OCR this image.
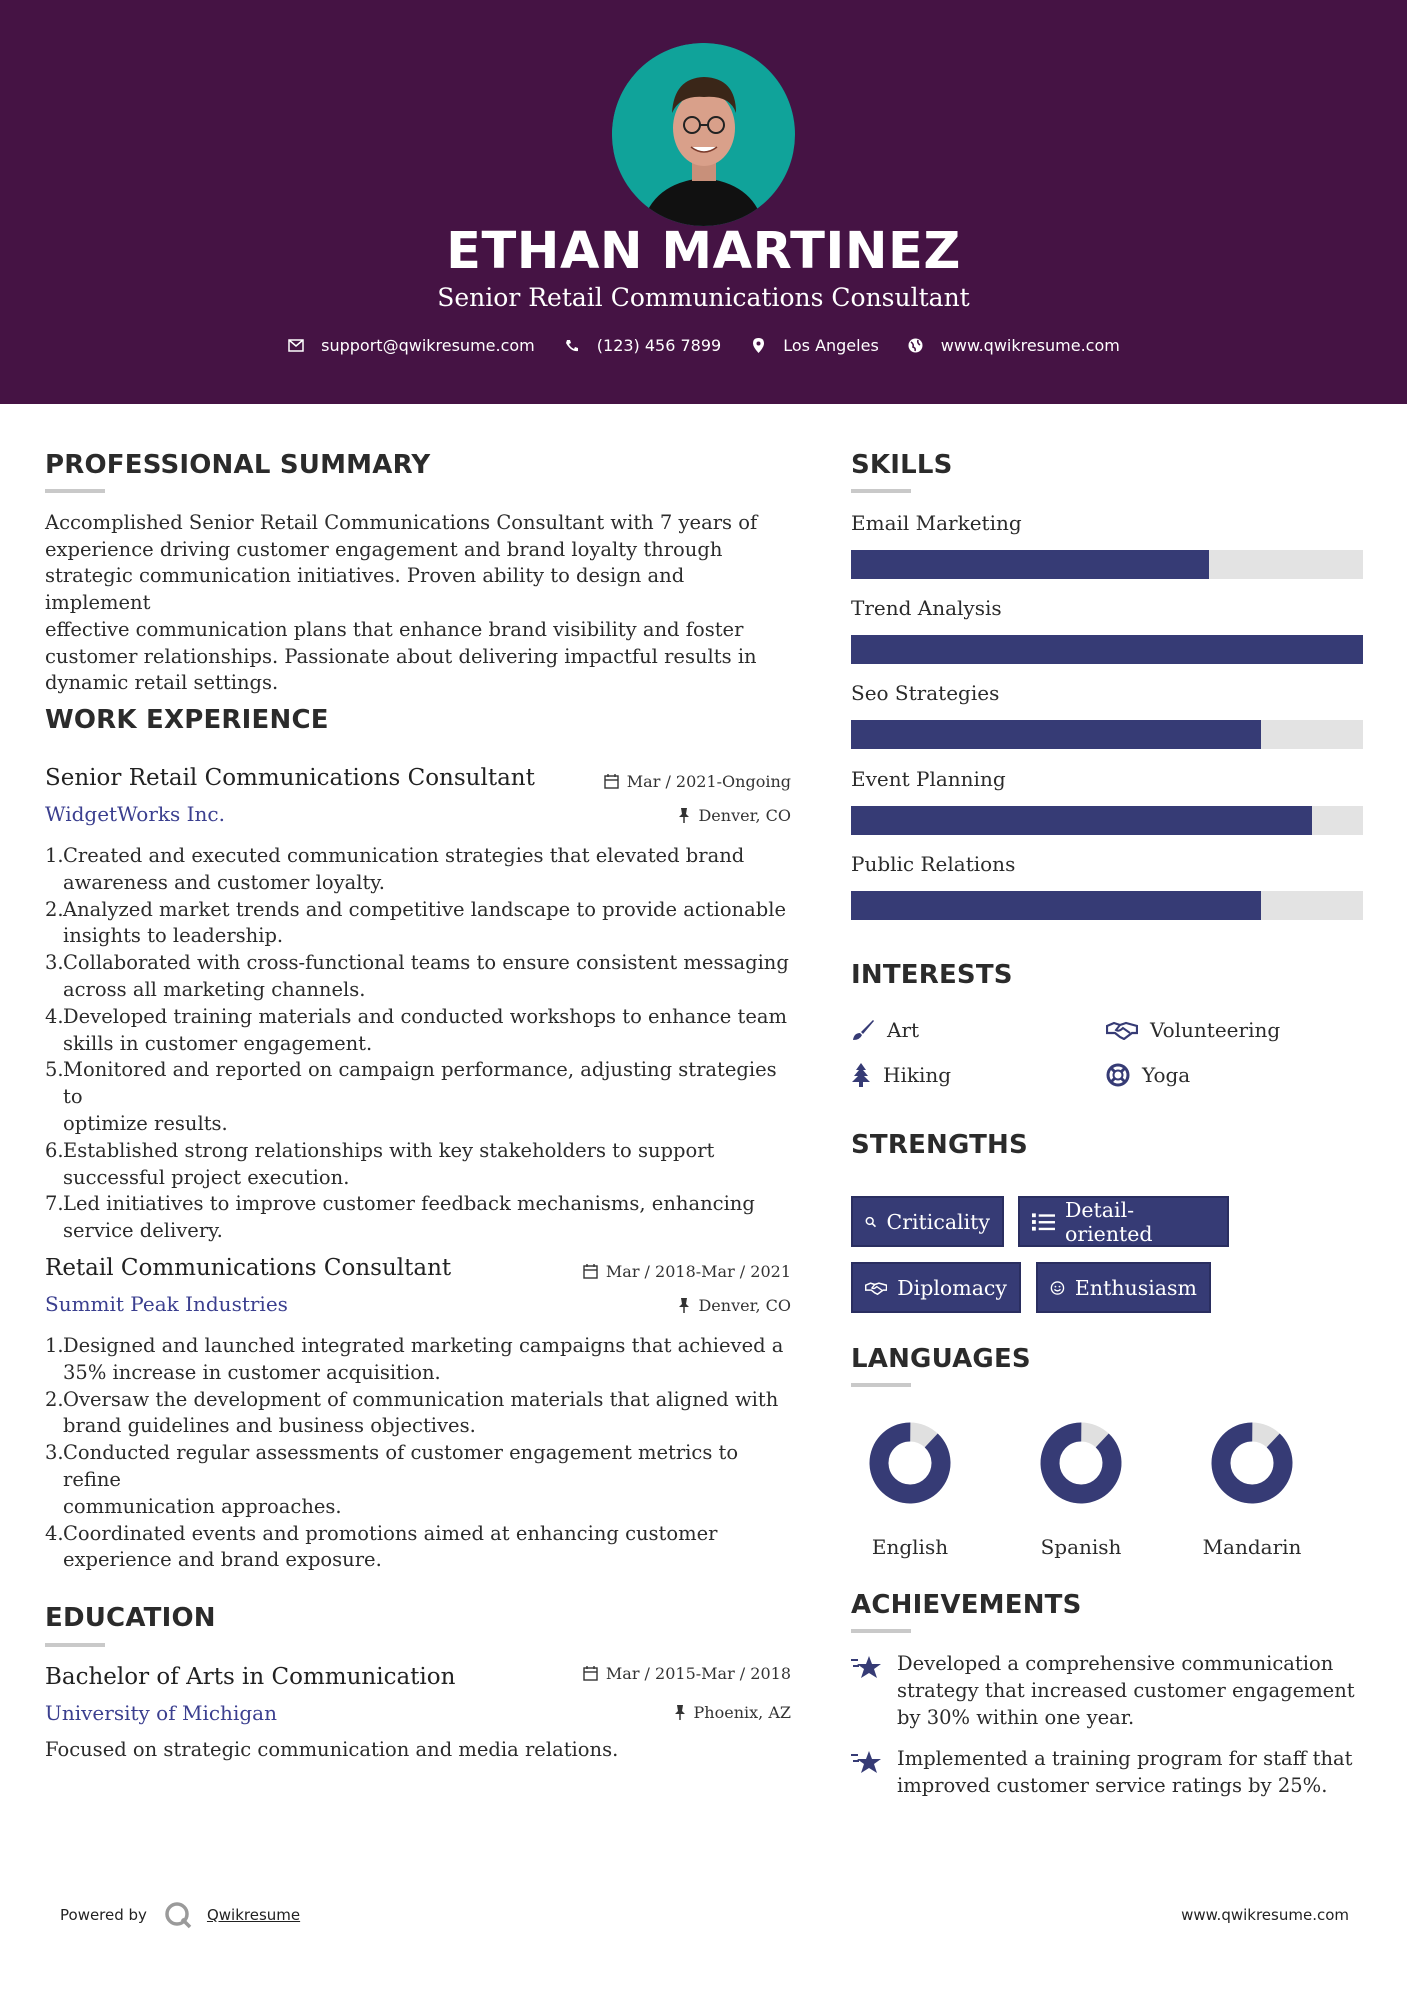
ETHAN MARTINEZ
Senior Retail Communications Consultant
support@qwikresume.com	(123) 456 7899	Los Angeles	www.qwikresume.com
PROFESSIONAL SUMMARY
Accomplished Senior Retail Communications Consultant with 7 years of
experience driving customer engagement and brand loyalty through
strategic communication initiatives. Proven ability to design and implement
effective communication plans that enhance brand visibility and foster
customer relationships. Passionate about delivering impactful results in
dynamic retail settings.
WORK EXPERIENCE
Senior Retail Communications Consultant	Mar / 2021-Ongoing
WidgetWorks Inc.	Denver, CO
1. Created and executed communication strategies that elevated brand
awareness and customer loyalty.
2. Analyzed market trends and competitive landscape to provide actionable
insights to leadership.
3. Collaborated with cross-functional teams to ensure consistent messaging
across all marketing channels.
4. Developed training materials and conducted workshops to enhance team
skills in customer engagement.
5. Monitored and reported on campaign performance, adjusting strategies to
optimize results.
6. Established strong relationships with key stakeholders to support
successful project execution.
7. Led initiatives to improve customer feedback mechanisms, enhancing
service delivery.
Retail Communications Consultant	Mar / 2018-Mar / 2021
Summit Peak Industries	Denver, CO
1. Designed and launched integrated marketing campaigns that achieved a
35% increase in customer acquisition.
2. Oversaw the development of communication materials that aligned with
brand guidelines and business objectives.
3. Conducted regular assessments of customer engagement metrics to refine
communication approaches.
4. Coordinated events and promotions aimed at enhancing customer
experience and brand exposure.
EDUCATION
Bachelor of Arts in Communication	Mar / 2015-Mar / 2018
University of Michigan	Phoenix, AZ
Focused on strategic communication and media relations.
SKILLS
Email Marketing
Trend Analysis
Seo Strategies
Event Planning
Public Relations
INTERESTS
Art	Volunteering
Hiking	Yoga
STRENGTHS
Criticality	Detail-oriented
Diplomacy	Enthusiasm
LANGUAGES
English	Spanish	Mandarin
ACHIEVEMENTS
Developed a comprehensive communication
strategy that increased customer engagement
by 30% within one year.
Implemented a training program for staff that
improved customer service ratings by 25%.
Powered by	Qwikresume	www.qwikresume.com
